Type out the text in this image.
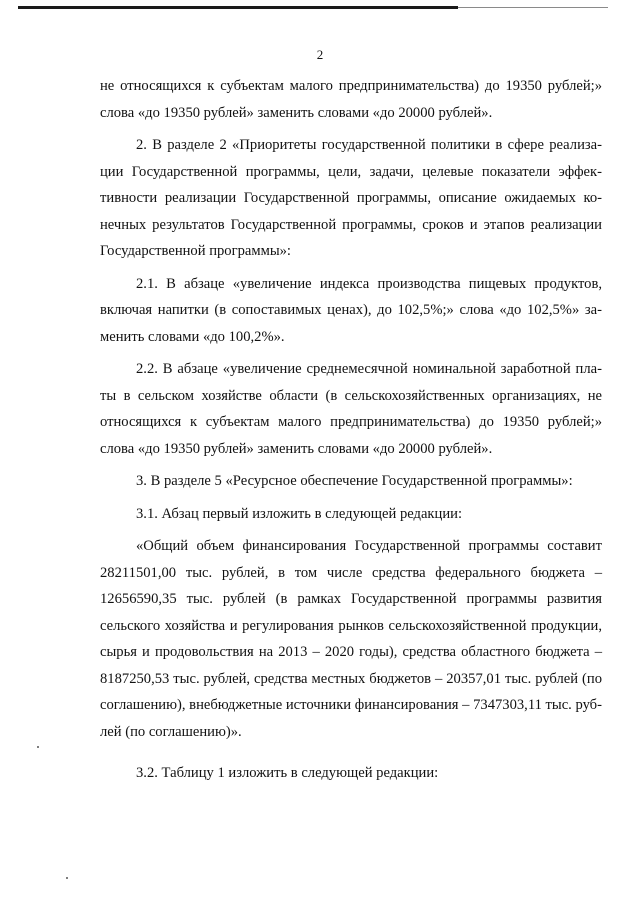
2

не относящихся к субъектам малого предпринимательства) до 19350 рублей;» слова «до 19350 рублей» заменить словами «до 20000 рублей».

2. В разделе 2 «Приоритеты государственной политики в сфере реализации Государственной программы, цели, задачи, целевые показатели эффективности реализации Государственной программы, описание ожидаемых конечных результатов Государственной программы, сроков и этапов реализации Государственной программы»:

2.1. В абзаце «увеличение индекса производства пищевых продуктов, включая напитки (в сопоставимых ценах), до 102,5%;» слова «до 102,5%» заменить словами «до 100,2%».

2.2. В абзаце «увеличение среднемесячной номинальной заработной платы в сельском хозяйстве области (в сельскохозяйственных организациях, не относящихся к субъектам малого предпринимательства) до 19350 рублей;» слова «до 19350 рублей» заменить словами «до 20000 рублей».

3. В разделе 5 «Ресурсное обеспечение Государственной программы»:

3.1. Абзац первый изложить в следующей редакции:

«Общий объем финансирования Государственной программы составит 28211501,00 тыс. рублей, в том числе средства федерального бюджета – 12656590,35 тыс. рублей (в рамках Государственной программы развития сельского хозяйства и регулирования рынков сельскохозяйственной продукции, сырья и продовольствия на 2013 – 2020 годы), средства областного бюджета – 8187250,53 тыс. рублей, средства местных бюджетов – 20357,01 тыс. рублей (по соглашению), внебюджетные источники финансирования – 7347303,11 тыс. рублей (по соглашению)».

3.2. Таблицу 1 изложить в следующей редакции:
